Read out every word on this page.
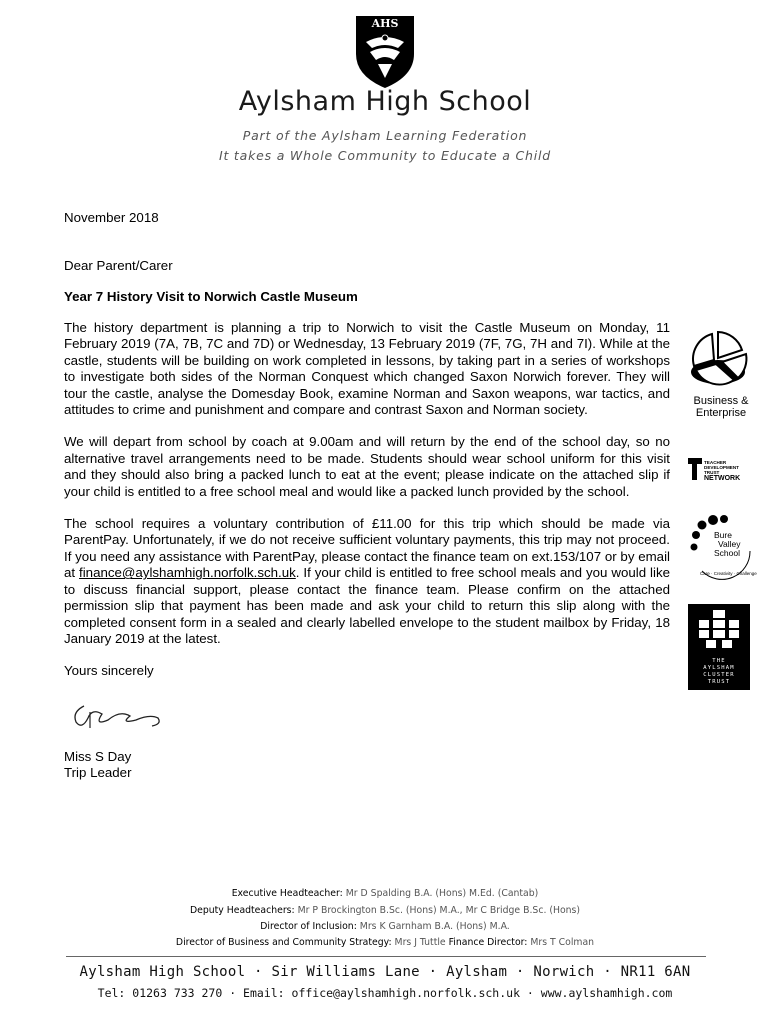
AHS
Aylsham High School
Part of the Aylsham Learning Federation
It takes a Whole Community to Educate a Child
November 2018
Dear Parent/Carer
Year 7 History Visit to Norwich Castle Museum

The history department is planning a trip to Norwich to visit the Castle Museum on Monday, 11 February 2019 (7A, 7B, 7C and 7D) or Wednesday, 13 February 2019 (7F, 7G, 7H and 7I). While at the castle, students will be building on work completed in lessons, by taking part in a series of workshops to investigate both sides of the Norman Conquest which changed Saxon Norwich forever. They will tour the castle, analyse the Domesday Book, examine Norman and Saxon weapons, war tactics, and attitudes to crime and punishment and compare and contrast Saxon and Norman society.

We will depart from school by coach at 9.00am and will return by the end of the school day, so no alternative travel arrangements need to be made. Students should wear school uniform for this visit and they should also bring a packed lunch to eat at the event; please indicate on the attached slip if your child is entitled to a free school meal and would like a packed lunch provided by the school.

The school requires a voluntary contribution of £11.00 for this trip which should be made via ParentPay. Unfortunately, if we do not receive sufficient voluntary payments, this trip may not proceed. If you need any assistance with ParentPay, please contact the finance team on ext.153/107 or by email at finance@aylshamhigh.norfolk.sch.uk. If your child is entitled to free school meals and you would like to discuss financial support, please contact the finance team. Please confirm on the attached permission slip that payment has been made and ask your child to return this slip along with the completed consent form in a sealed and clearly labelled envelope to the student mailbox by Friday, 18 January 2019 at the latest.

Yours sincerely

Miss S Day
Trip Leader
Business &
Enterprise
TEACHER
DEVELOPMENT
TRUST
NETWORK
Bure
Valley
School
Care · Creativity · Challenge
THE
AYLSHAM
CLUSTER
TRUST
Executive Headteacher: Mr D Spalding B.A. (Hons) M.Ed. (Cantab)
Deputy Headteachers: Mr P Brockington B.Sc. (Hons) M.A., Mr C Bridge B.Sc. (Hons)
Director of Inclusion: Mrs K Garnham B.A. (Hons) M.A.
Director of Business and Community Strategy: Mrs J Tuttle Finance Director: Mrs T Colman
Aylsham High School · Sir Williams Lane · Aylsham · Norwich · NR11 6AN
Tel: 01263 733 270 · Email: office@aylshamhigh.norfolk.sch.uk · www.aylshamhigh.com
